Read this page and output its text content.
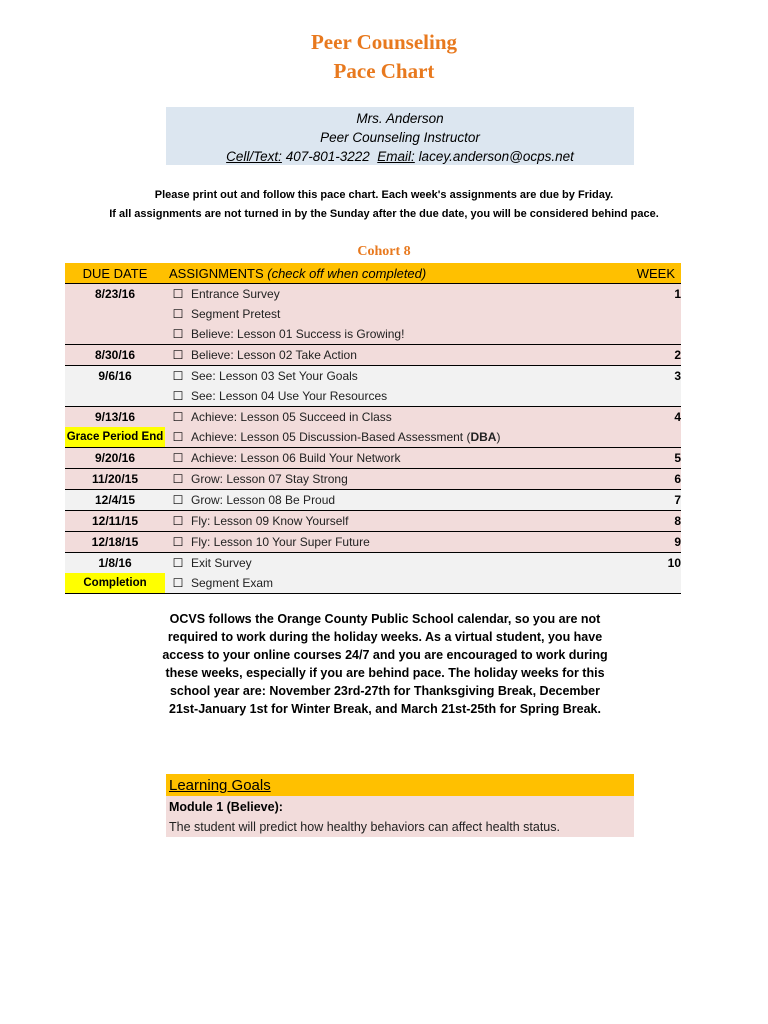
Peer Counseling
Pace Chart
Mrs. Anderson
Peer Counseling Instructor
Cell/Text: 407-801-3222 Email: lacey.anderson@ocps.net
Please print out and follow this pace chart. Each week's assignments are due by Friday.
If all assignments are not turned in by the Sunday after the due date, you will be considered behind pace.
Cohort 8
DUE DATE	ASSIGNMENTS (check off when completed)		WEEK
8/23/16	☐	Entrance Survey	1
	☐	Segment Pretest	
	☐	Believe: Lesson 01 Success is Growing!	
8/30/16	☐	Believe: Lesson 02 Take Action	2
9/6/16	☐	See: Lesson 03 Set Your Goals	3
	☐	See: Lesson 04 Use Your Resources	
9/13/16	☐	Achieve: Lesson 05 Succeed in Class	4
Grace Period End	☐	Achieve: Lesson 05 Discussion-Based Assessment (DBA)	
9/20/16	☐	Achieve: Lesson 06 Build Your Network	5
11/20/15	☐	Grow: Lesson 07 Stay Strong	6
12/4/15	☐	Grow: Lesson 08 Be Proud	7
12/11/15	☐	Fly: Lesson 09 Know Yourself	8
12/18/15	☐	Fly: Lesson 10 Your Super Future	9
1/8/16	☐	Exit Survey	10
Completion	☐	Segment Exam	
OCVS follows the Orange County Public School calendar, so you are not required to work during the holiday weeks. As a virtual student, you have access to your online courses 24/7 and you are encouraged to work during these weeks, especially if you are behind pace. The holiday weeks for this school year are: November 23rd-27th for Thanksgiving Break, December 21st-January 1st for Winter Break, and March 21st-25th for Spring Break.
Learning Goals
Module 1 (Believe):
The student will predict how healthy behaviors can affect health status.
